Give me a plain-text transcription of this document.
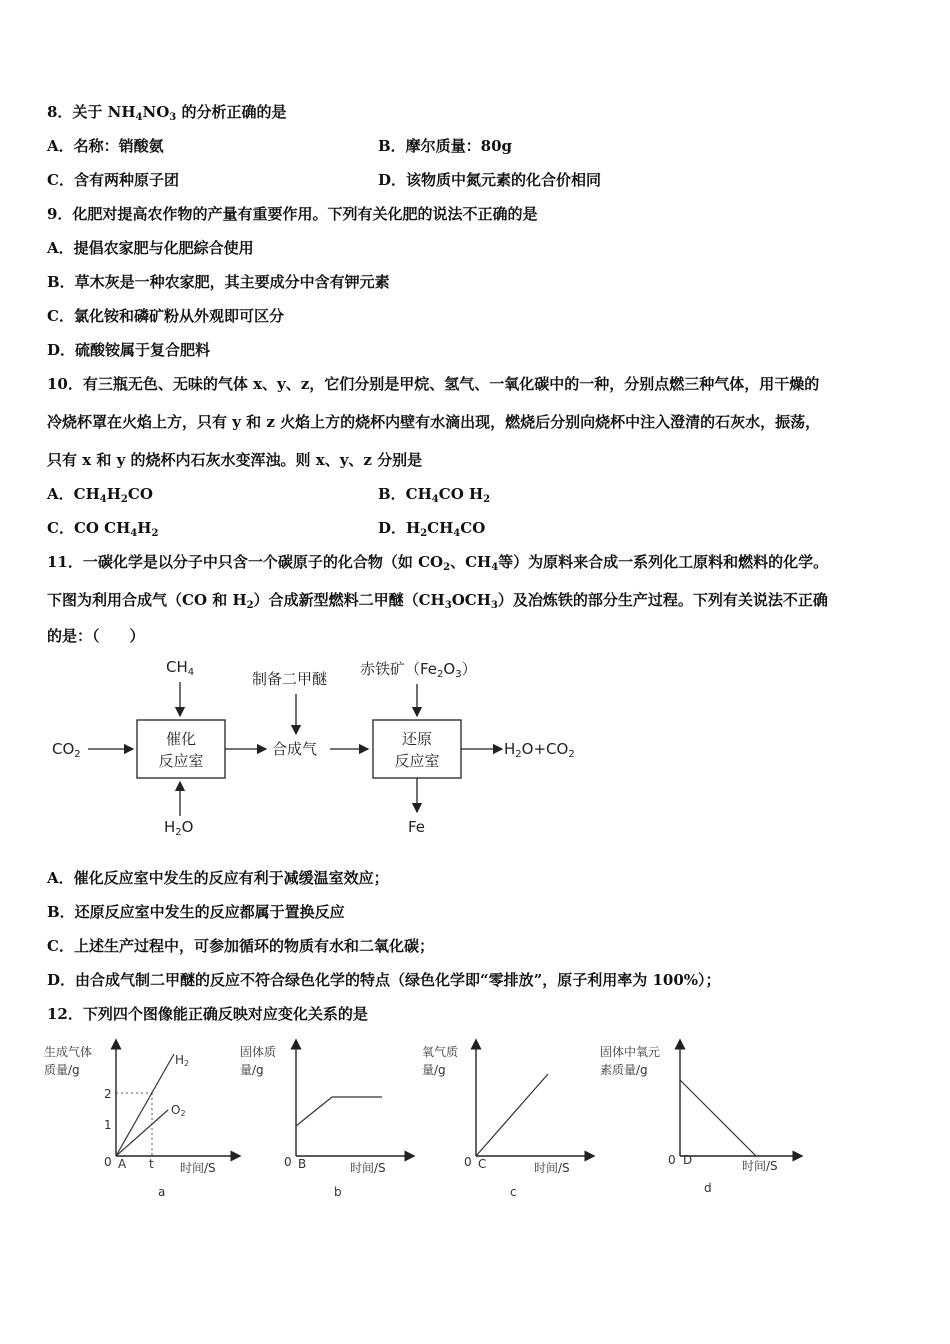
8．关于 $NH_4NO_3$ 的分析正确的是
A．名称：销酸氨	B．摩尔质量：80g
C．含有两种原子团	D．该物质中氮元素的化合价相同
9．化肥对提高农作物的产量有重要作用。下列有关化肥的说法不正确的是
A．提倡农家肥与化肥綜合使用
B．草木灰是一种农家肥，其主要成分中含有钾元素
C．氯化铵和磷矿粉从外观即可区分
D．硫酸铵属于复合肥料
10．有三瓶无色、无味的气体 x、y、z，它们分别是甲烷、氢气、一氧化碳中的一种，分别点燃三种气体，用干燥的
冷烧杯罩在火焰上方，只有 y 和 z 火焰上方的烧杯内壁有水滴出现，燃烧后分别向烧杯中注入澄清的石灰水，振荡，
只有 x 和 y 的烧杯内石灰水变浑浊。则 x、y、z 分别是
A．$CH_4H_2CO$	B．$CH_4CO$ $H_2$
C．CO $CH_4H_2$	D．$H_2CH_4CO$
11．一碳化学是以分子中只含一个碳原子的化合物（如 $CO_2$、$CH_4$等）为原料来合成一系列化工原料和燃料的化学。
下图为利用合成气（CO 和 $H_2$）合成新型燃料二甲醚$(CH_3OCH_3)$及冶炼铁的部分生产过程。下列有关说法不正确
的是：（　　）
$CH_4$
催化
反应室
$CO_2$
$H_2O$
制备二甲醚
合成气
赤铁矿$(Fe_2O_3)$
还原
反应室
$H_2O+CO_2$
Fe
A．催化反应室中发生的反应有利于减缓温室效应；
B．还原反应室中发生的反应都属于置换反应
C．上述生产过程中，可参加循环的物质有水和二氧化碳；
D．由合成气制二甲醚的反应不符合绿色化学的特点（绿色化学即“零排放”，原子利用率为 100%）；
12．下列四个图像能正确反映对应变化关系的是
生成气体
质量/g
H2
O2
2
1
0 A t 时间/S
a
固体质
量/g
0 B	时间/S
b
氧气质
量/g
0 C	时间/S
c
固体中氧元
素质量/g
0 D	时间/S
d
